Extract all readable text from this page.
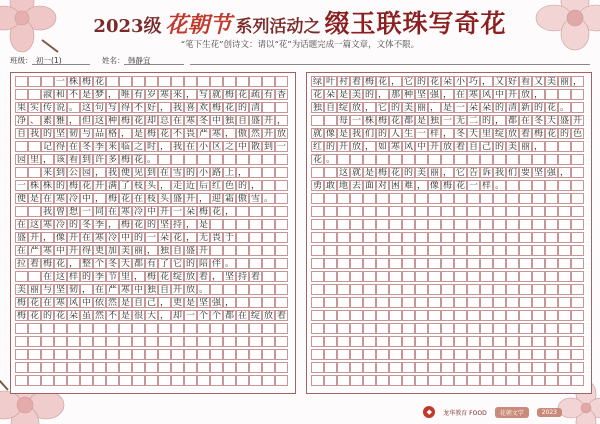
2023级 花朝节 系列活动之 缀玉联珠写奇花
“笔下生花”创诗文：请以“花”为话题完成一篇文章，文体不限。
班级： 初一(1)	姓名： 韩静宜
一 株 梅 花
淑 和 不 是 梦 ， 唯 有 岁 寒 来 ， 写 就 梅 花 疏 有 香
果 实 传 说 。 这 句 写 得 不 好 ， 我 喜 欢 梅 花 的 清
净 、 素 雅 ， 但 这 种 梅 花 却 总 在 寒 冬 中 独 自 盛 开 ，
自 我 的 坚 韧 与 品 格 ， 是 梅 花 不 畏 严 寒 ， 傲 然 开 放
记 得 在 冬 季 来 临 之 时 ， 我 在 小 区 之 中 散 到 一
园 里 ， 该 看 到 许 多 梅 花 。
来 到 公 园 ， 我 便 见 到 在 雪 的 小 路 上 ，
一 株 株 的 梅 花 开 满 了 枝 头 ， 走 近 后 红 色 的 ，
便 是 在 寒 冷 中 ， 梅 花 在 枝 头 盛 开 ， 迎 霜 傲 雪 。
我 曾 想 一 同 在 寒 冷 中 开 一 朵 梅 花 ，
在 这 寒 冷 的 冬 季 ， 梅 花 的 坚 持 ， 是
盛 开 ， 像 开 在 寒 冷 中 的 一 朵 花 ， 无 畏 于
在 严 寒 中 开 得 更 加 美 丽 ， 独 自 盛 开
拉 着 梅 花 ， 整 个 冬 天 都 有 了 它 的 陪 伴 。
在 这 样 的 季 节 里 ， 梅 花 绽 放 着 ， 坚 持 着
美 丽 与 坚 韧 ， 在 严 寒 中 独 自 开 放 。
梅 花 在 寒 风 中 依 然 是 自 己 ， 更 是 坚 强 ，
梅 花 的 花 朵 虽 然 不 是 很 大 ， 却 一 个 个 都 在 绽 放 着
绿 叶 衬 着 梅 花 ， 它 的 花 朵 小 巧 ， 又 好 看 又 美 丽 ，
花 朵 是 美 的 ， 那 种 坚 强 ， 在 寒 风 中 开 放 ，
独 自 绽 放 ， 它 的 美 丽 ， 是 一 朵 朵 的 清 新 的 花 。
每 一 株 梅 花 都 是 独 一 无 二 的 ， 都 在 冬 天 盛 开
就 像 是 我 们 的 人 生 一 样 ， 冬 天 里 绽 放 着 梅 花 的 色
红 的 开 放 ， 如 寒 风 中 开 放 着 自 己 的 美 丽 ，
花 。
这 就 是 梅 花 的 美 丽 ， 它 告 诉 我 们 要 坚 强 ，
勇 敢 地 去 面 对 困 难 ， 像 梅 花 一 样 。
◆	龙华教育 FOOD	花朝文学	2023
